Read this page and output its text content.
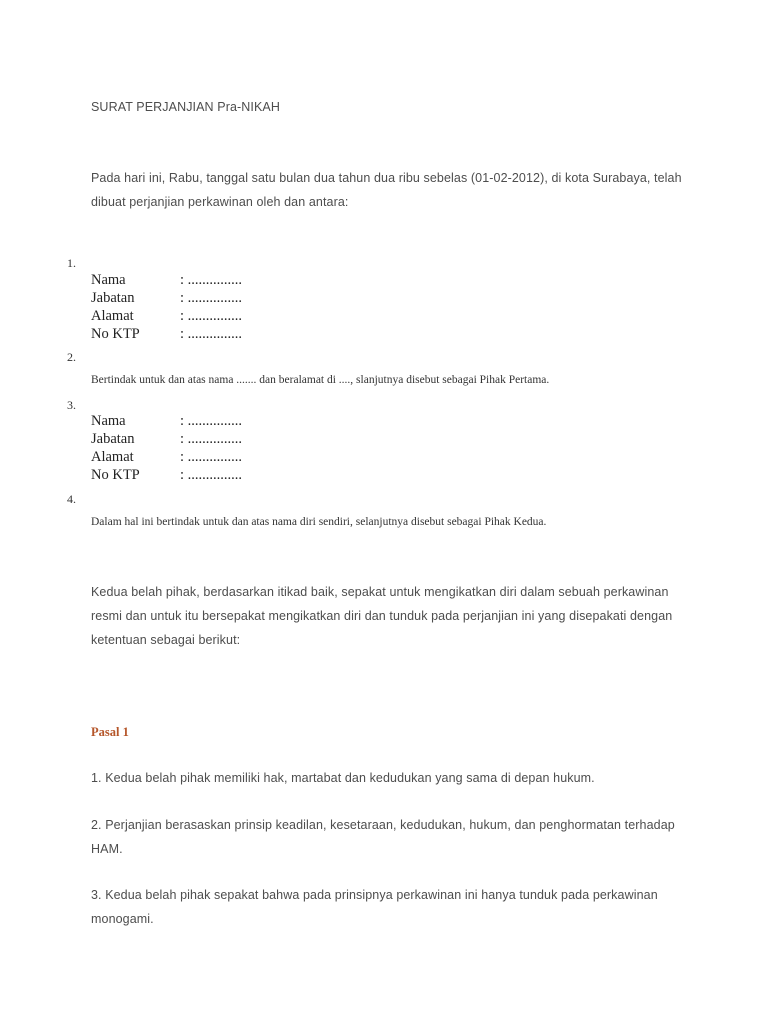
SURAT PERJANJIAN Pra-NIKAH
Pada hari ini, Rabu, tanggal satu bulan dua tahun dua ribu sebelas (01-02-2012), di kota Surabaya, telah dibuat perjanjian perkawinan oleh dan antara:
1.
Nama	: ...............
Jabatan	: ...............
Alamat	: ...............
No KTP	: ...............
2.
Bertindak untuk dan atas nama ....... dan beralamat di ...., slanjutnya disebut sebagai Pihak Pertama.
3.
Nama	: ...............
Jabatan	: ...............
Alamat	: ...............
No KTP	: ...............
4.
Dalam hal ini bertindak untuk dan atas nama diri sendiri, selanjutnya disebut sebagai Pihak Kedua.
Kedua belah pihak, berdasarkan itikad baik, sepakat untuk mengikatkan diri dalam sebuah perkawinan resmi dan untuk itu bersepakat mengikatkan diri dan tunduk pada perjanjian ini yang disepakati dengan ketentuan sebagai berikut:
Pasal 1
1. Kedua belah pihak memiliki hak, martabat dan kedudukan yang sama di depan hukum.
2. Perjanjian berasaskan prinsip keadilan, kesetaraan, kedudukan, hukum, dan penghormatan terhadap HAM.
3. Kedua belah pihak sepakat bahwa pada prinsipnya perkawinan ini hanya tunduk pada perkawinan monogami.
